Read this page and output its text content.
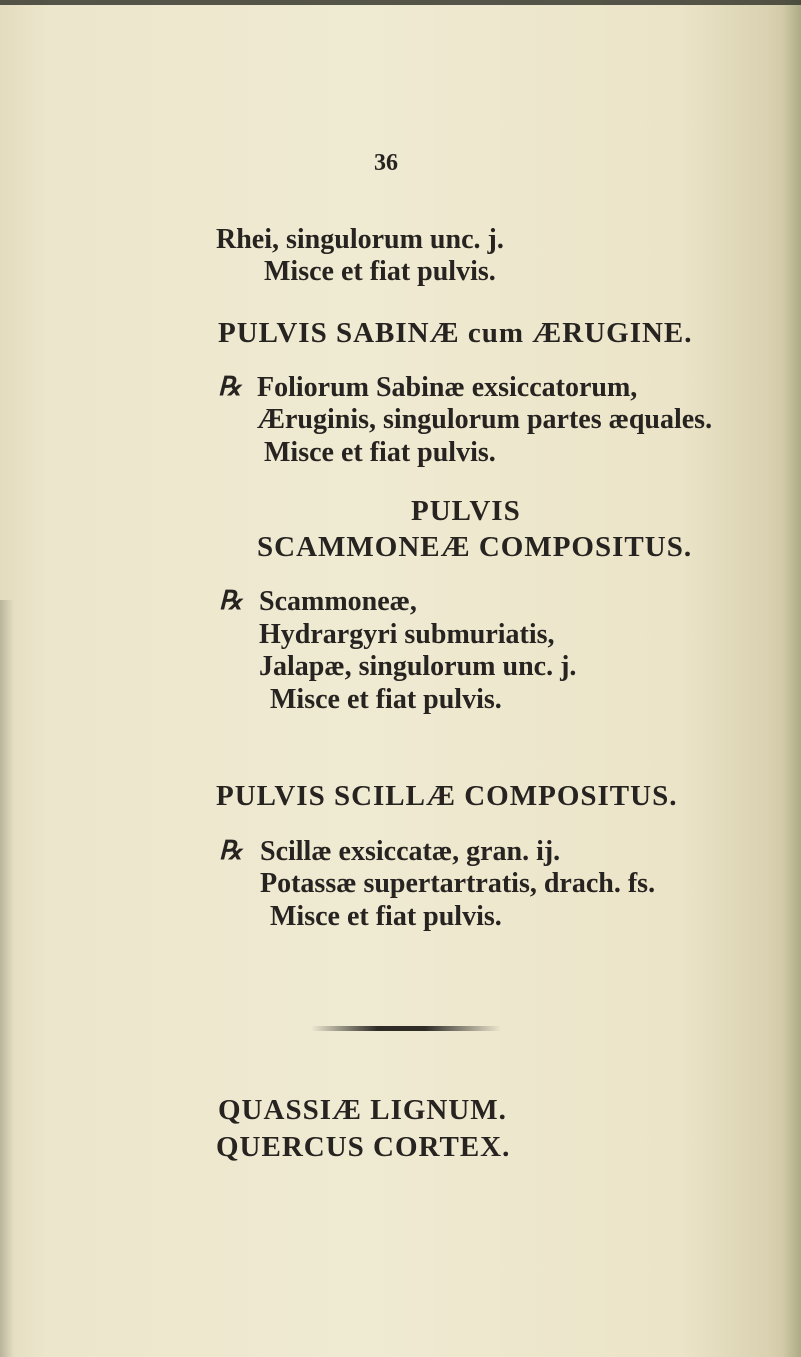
36
Rhei, singulorum unc. j.
Misce et fiat pulvis.
PULVIS SABINÆ cum ÆRUGINE.
℞ Foliorum Sabinæ exsiccatorum,
Æruginis, singulorum partes æquales.
Misce et fiat pulvis.
PULVIS
SCAMMONEÆ COMPOSITUS.
℞ Scammoneæ,
Hydrargyri submuriatis,
Jalapæ, singulorum unc. j.
Misce et fiat pulvis.
PULVIS SCILLÆ COMPOSITUS.
℞ Scillæ exsiccatæ, gran. ij.
Potassæ supertartratis, drach. fs.
Misce et fiat pulvis.
QUASSIÆ LIGNUM.
QUERCUS CORTEX.
